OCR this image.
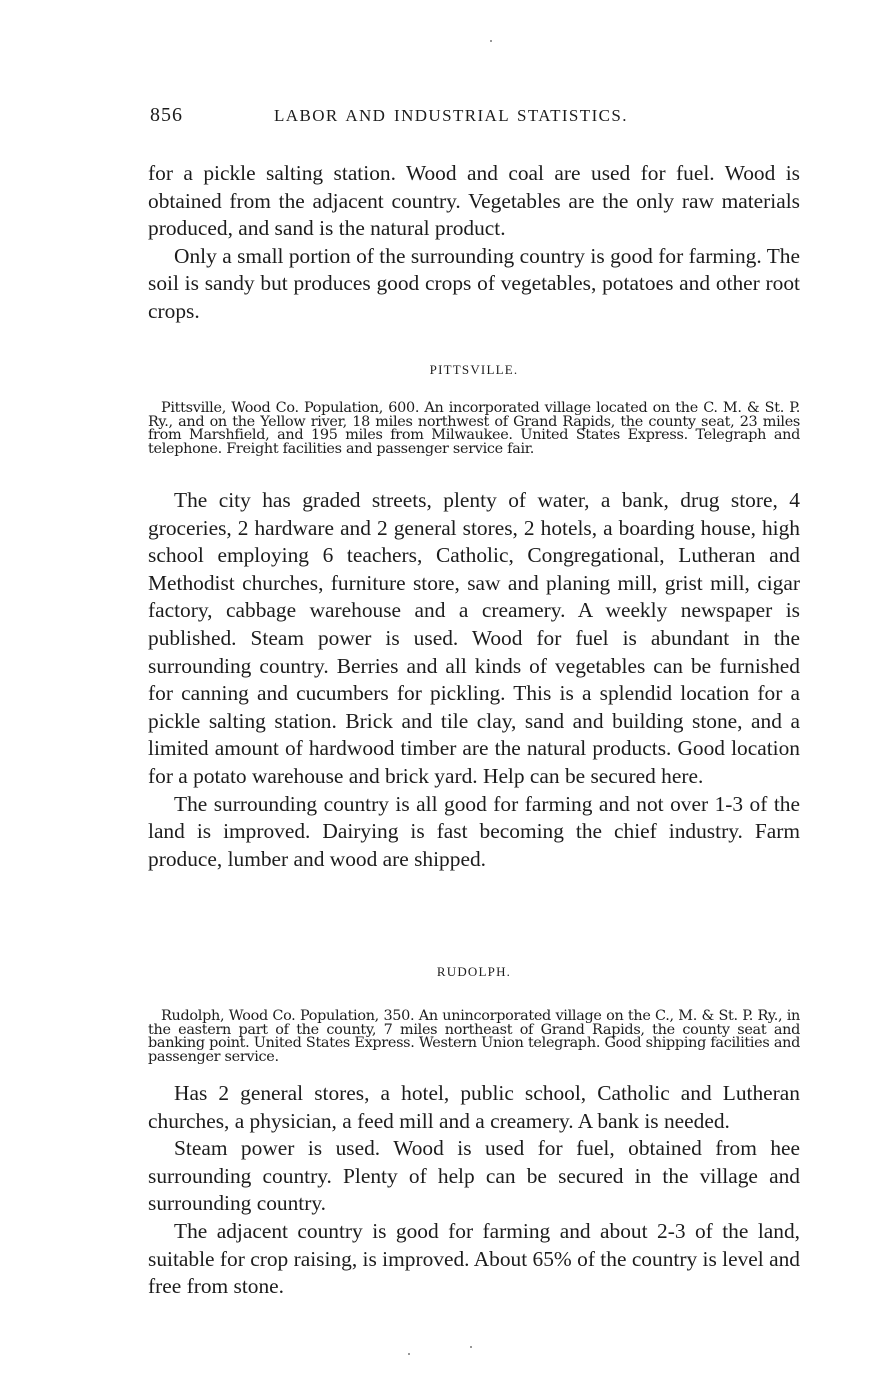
856	LABOR AND INDUSTRIAL STATISTICS.

for a pickle salting station. Wood and coal are used for fuel. Wood is obtained from the adjacent country. Vegetables are the only raw materials produced, and sand is the natural product.

Only a small portion of the surrounding country is good for farming. The soil is sandy but produces good crops of vegetables, potatoes and other root crops.

PITTSVILLE.
Pittsville, Wood Co. Population, 600. An incorporated village located on the C. M. & St. P. Ry., and on the Yellow river, 18 miles northwest of Grand Rapids, the county seat, 23 miles from Marshfield, and 195 miles from Milwaukee. United States Express. Telegraph and telephone. Freight facilities and passenger service fair.

The city has graded streets, plenty of water, a bank, drug store, 4 groceries, 2 hardware and 2 general stores, 2 hotels, a boarding house, high school employing 6 teachers, Catholic, Congregational, Lutheran and Methodist churches, furniture store, saw and planing mill, grist mill, cigar factory, cabbage warehouse and a creamery. A weekly newspaper is published. Steam power is used. Wood for fuel is abundant in the surrounding country. Berries and all kinds of vegetables can be furnished for canning and cucumbers for pickling. This is a splendid location for a pickle salting station. Brick and tile clay, sand and building stone, and a limited amount of hardwood timber are the natural products. Good location for a potato warehouse and brick yard. Help can be secured here.

The surrounding country is all good for farming and not over 1-3 of the land is improved. Dairying is fast becoming the chief industry. Farm produce, lumber and wood are shipped.

RUDOLPH.
Rudolph, Wood Co. Population, 350. An unincorporated village on the C., M. & St. P. Ry., in the eastern part of the county, 7 miles northeast of Grand Rapids, the county seat and banking point. United States Express. Western Union telegraph. Good shipping facilities and passenger service.

Has 2 general stores, a hotel, public school, Catholic and Lutheran churches, a physician, a feed mill and a creamery. A bank is needed.

Steam power is used. Wood is used for fuel, obtained from hee surrounding country. Plenty of help can be secured in the village and surrounding country.

The adjacent country is good for farming and about 2-3 of the land, suitable for crop raising, is improved. About 65% of the country is level and free from stone.
